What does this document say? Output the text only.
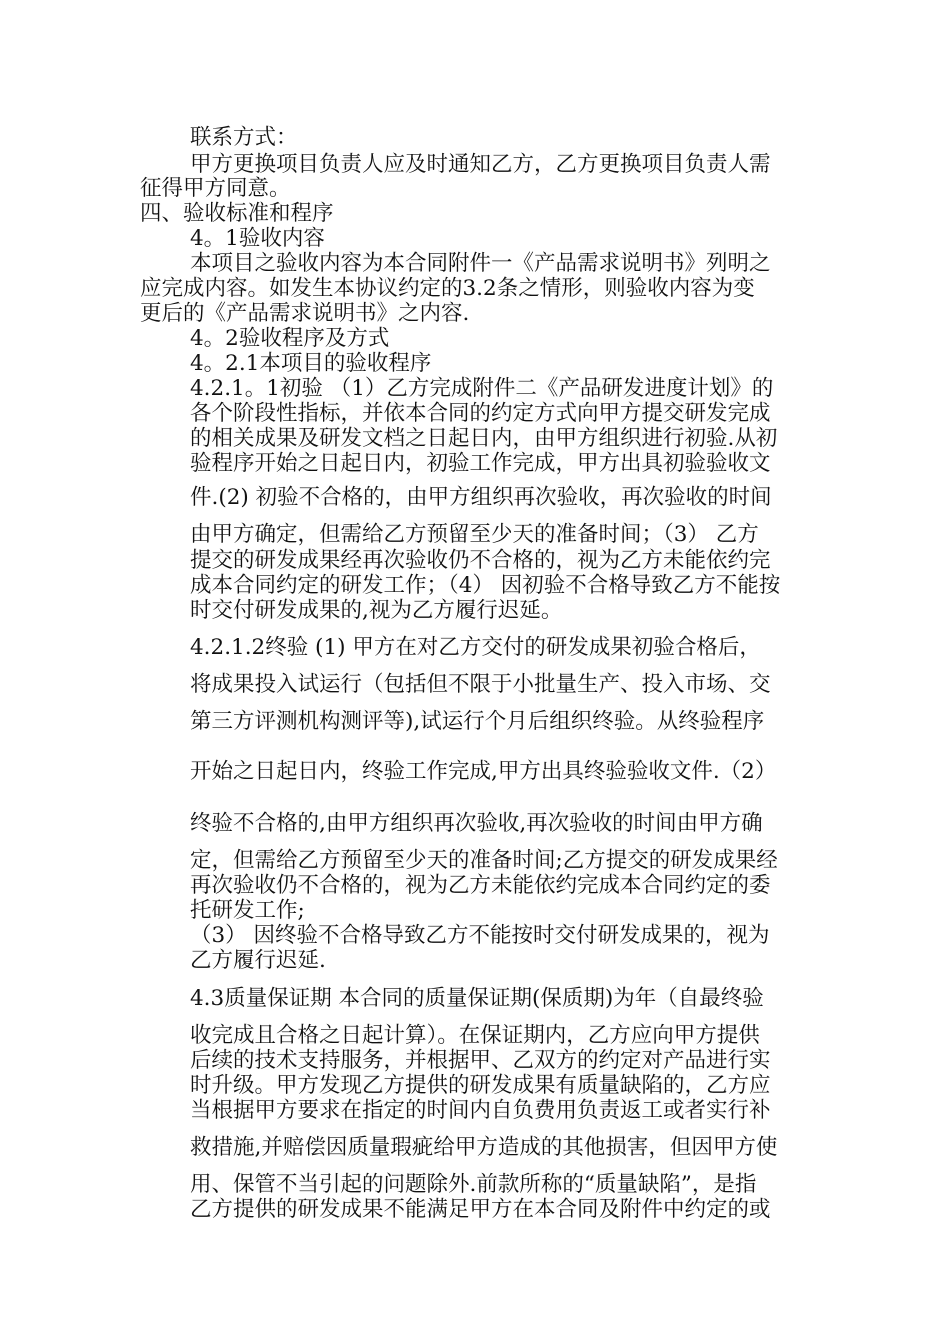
联系方式：
甲方更换项目负责人应及时通知乙方，乙方更换项目负责人需
征得甲方同意。
四、验收标准和程序
4。1验收内容
本项目之验收内容为本合同附件一《产品需求说明书》列明之
应完成内容。如发生本协议约定的3.2条之情形，则验收内容为变
更后的《产品需求说明书》之内容.
4。2验收程序及方式
4。2.1本项目的验收程序
4.2.1。1初验 （1）乙方完成附件二《产品研发进度计划》的
各个阶段性指标，并依本合同的约定方式向甲方提交研发完成
的相关成果及研发文档之日起日内，由甲方组织进行初验.从初
验程序开始之日起日内，初验工作完成，甲方出具初验验收文
件.(2) 初验不合格的，由甲方组织再次验收，再次验收的时间
由甲方确定，但需给乙方预留至少天的准备时间；（3） 乙方
提交的研发成果经再次验收仍不合格的，视为乙方未能依约完
成本合同约定的研发工作；（4） 因初验不合格导致乙方不能按
时交付研发成果的,视为乙方履行迟延。
4.2.1.2终验 (1) 甲方在对乙方交付的研发成果初验合格后，
将成果投入试运行（包括但不限于小批量生产、投入市场、交
第三方评测机构测评等),试运行个月后组织终验。从终验程序
开始之日起日内，终验工作完成,甲方出具终验验收文件.（2）
终验不合格的,由甲方组织再次验收,再次验收的时间由甲方确
定，但需给乙方预留至少天的准备时间;乙方提交的研发成果经
再次验收仍不合格的，视为乙方未能依约完成本合同约定的委
托研发工作;
（3） 因终验不合格导致乙方不能按时交付研发成果的，视为
乙方履行迟延.
4.3质量保证期 本合同的质量保证期(保质期)为年（自最终验
收完成且合格之日起计算）。在保证期内，乙方应向甲方提供
后续的技术支持服务，并根据甲、乙双方的约定对产品进行实
时升级。甲方发现乙方提供的研发成果有质量缺陷的，乙方应
当根据甲方要求在指定的时间内自负费用负责返工或者实行补
救措施,并赔偿因质量瑕疵给甲方造成的其他损害，但因甲方使
用、保管不当引起的问题除外.前款所称的“质量缺陷”，是指
乙方提供的研发成果不能满足甲方在本合同及附件中约定的或
